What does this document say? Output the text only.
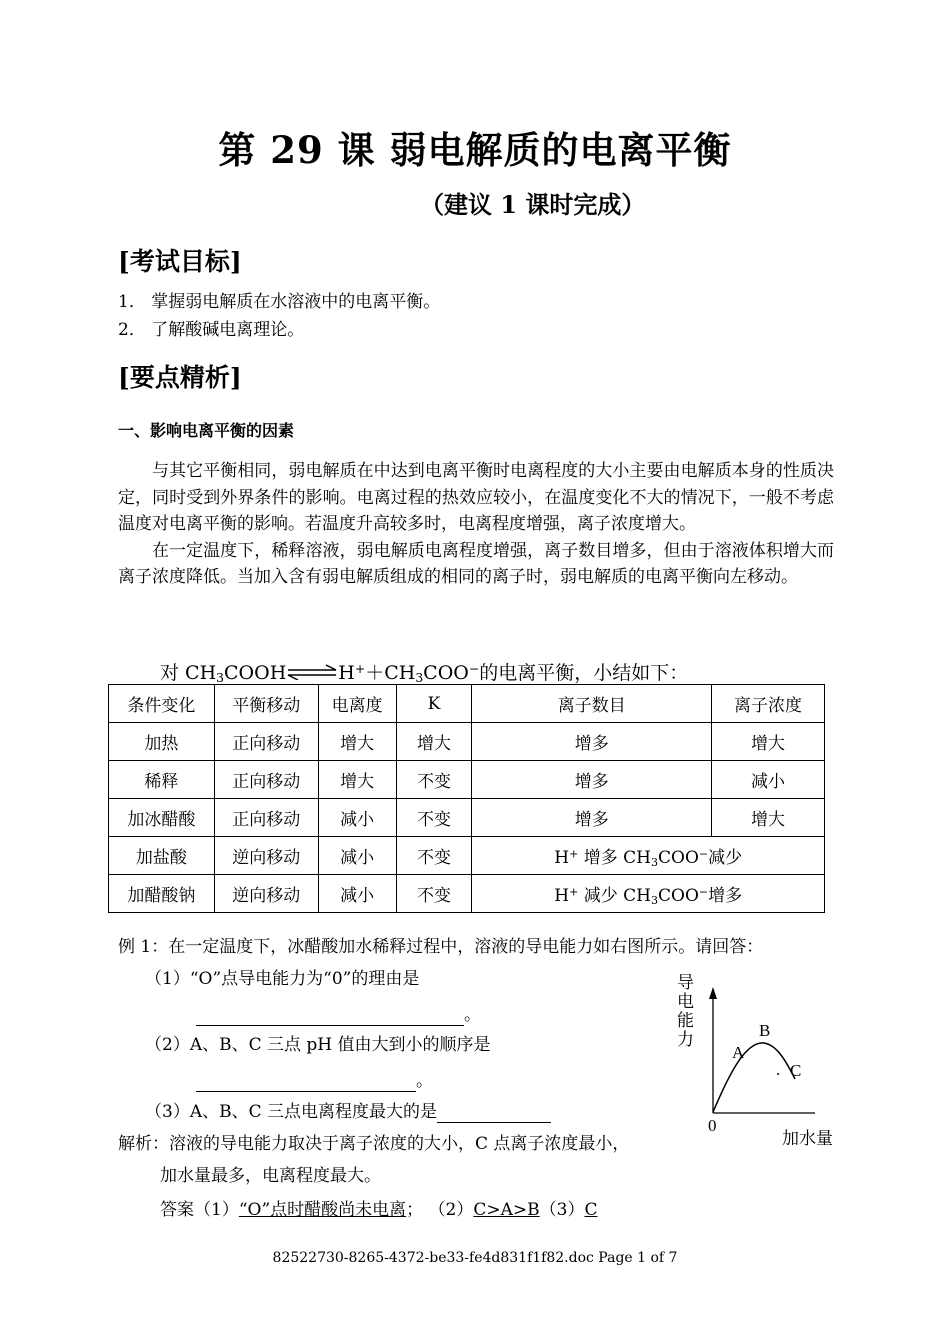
第 29 课 弱电解质的电离平衡
（建议 1 课时完成）
[考试目标]
1． 掌握弱电解质在水溶液中的电离平衡。
2． 了解酸碱电离理论。
[要点精析]
一、影响电离平衡的因素

与其它平衡相同，弱电解质在中达到电离平衡时电离程度的大小主要由电解质本身的性质决定，同时受到外界条件的影响。电离过程的热效应较小，在温度变化不大的情况下，一般不考虑温度对电离平衡的影响。若温度升高较多时，电离程度增强，离子浓度增大。

在一定温度下，稀释溶液，弱电解质电离程度增强，离子数目增多，但由于溶液体积增大而离子浓度降低。当加入含有弱电解质组成的相同的离子时，弱电解质的电离平衡向左移动。

对 $CH_3COOH\rightleftharpoons H^++CH_3COO^-$的电离平衡，小结如下：
条件变化	平衡移动	电离度	K	离子数目	离子浓度
加热	正向移动	增大	增大	增多	增大
稀释	正向移动	增大	不变	增多	减小
加冰醋酸	正向移动	减小	不变	增多	增大
加盐酸	逆向移动	减小	不变	H+ 增多 $CH_3COO^-$减少	
加醋酸钠	逆向移动	减小	不变	H+ 减少 $CH_3COO^-$增多	
例 1：在一定温度下，冰醋酸加水稀释过程中，溶液的导电能力如右图所示。请回答：
（1）“O”点导电能力为“0”的理由是
。
（2）A、B、C 三点 pH 值由大到小的顺序是
。
（3）A、B、C 三点电离程度最大的是
解析：溶液的导电能力取决于离子浓度的大小，C 点离子浓度最小，
加水量最多，电离程度最大。
答案（1）“O”点时醋酸尚未电离； （2）C>A>B（3）C
导
电
能
力
A
B
. C
0
加水量
82522730-8265-4372-be33-fe4d831f1f82.doc Page 1 of 7
